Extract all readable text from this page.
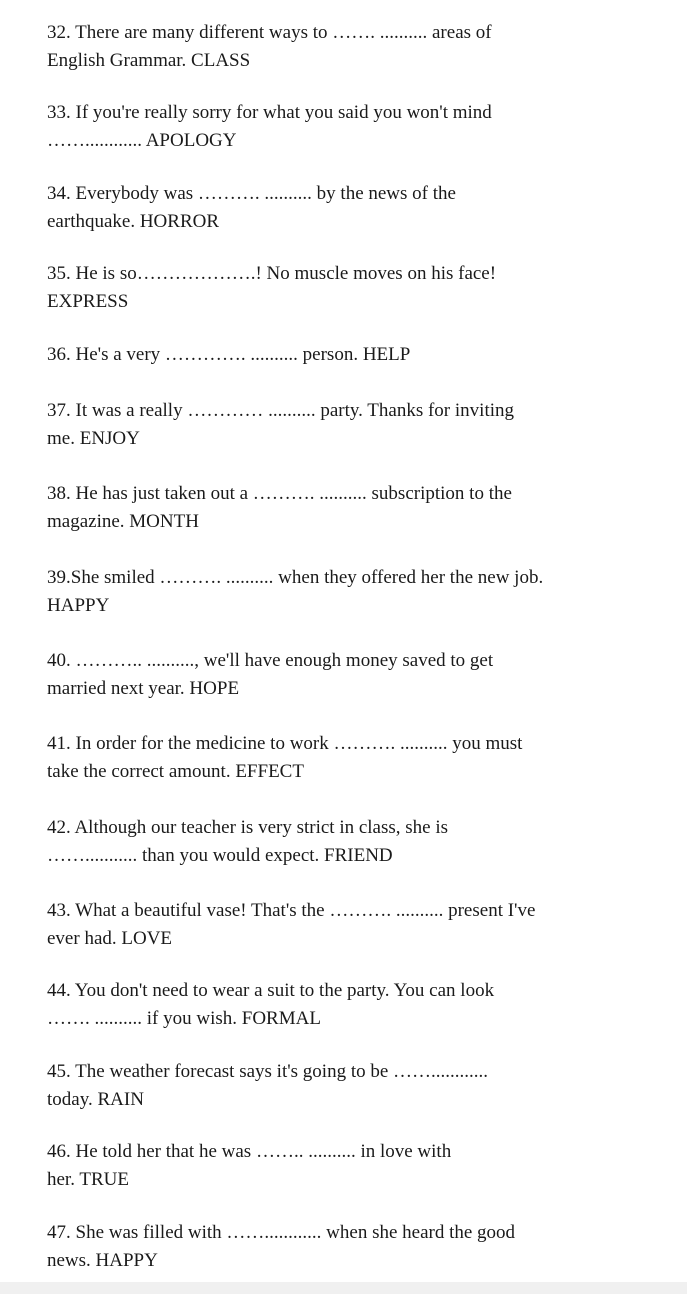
32. There are many different ways to ……. .......... areas of
English Grammar. CLASS
33. If you're really sorry for what you said you won't mind
……............ APOLOGY
34. Everybody was ………. .......... by the news of the
earthquake. HORROR
35. He is so……………….! No muscle moves on his face!
EXPRESS
36. He's a very …………. .......... person. HELP
37. It was a really ………… .......... party. Thanks for inviting
me. ENJOY
38. He has just taken out a ………. .......... subscription to the
magazine. MONTH
39.She smiled ………. .......... when they offered her the new job.
HAPPY
40. ……….. .........., we'll have enough money saved to get
married next year. HOPE
41. In order for the medicine to work ………. .......... you must
take the correct amount. EFFECT
42. Although our teacher is very strict in class, she is
……........... than you would expect. FRIEND
43. What a beautiful vase! That's the ………. .......... present I've
ever had. LOVE
44. You don't need to wear a suit to the party. You can look
……. .......... if you wish. FORMAL
45. The weather forecast says it's going to be ……............
today. RAIN
46. He told her that he was …….. .......... in love with
her. TRUE
47. She was filled with ……............ when she heard the good
news. HAPPY
